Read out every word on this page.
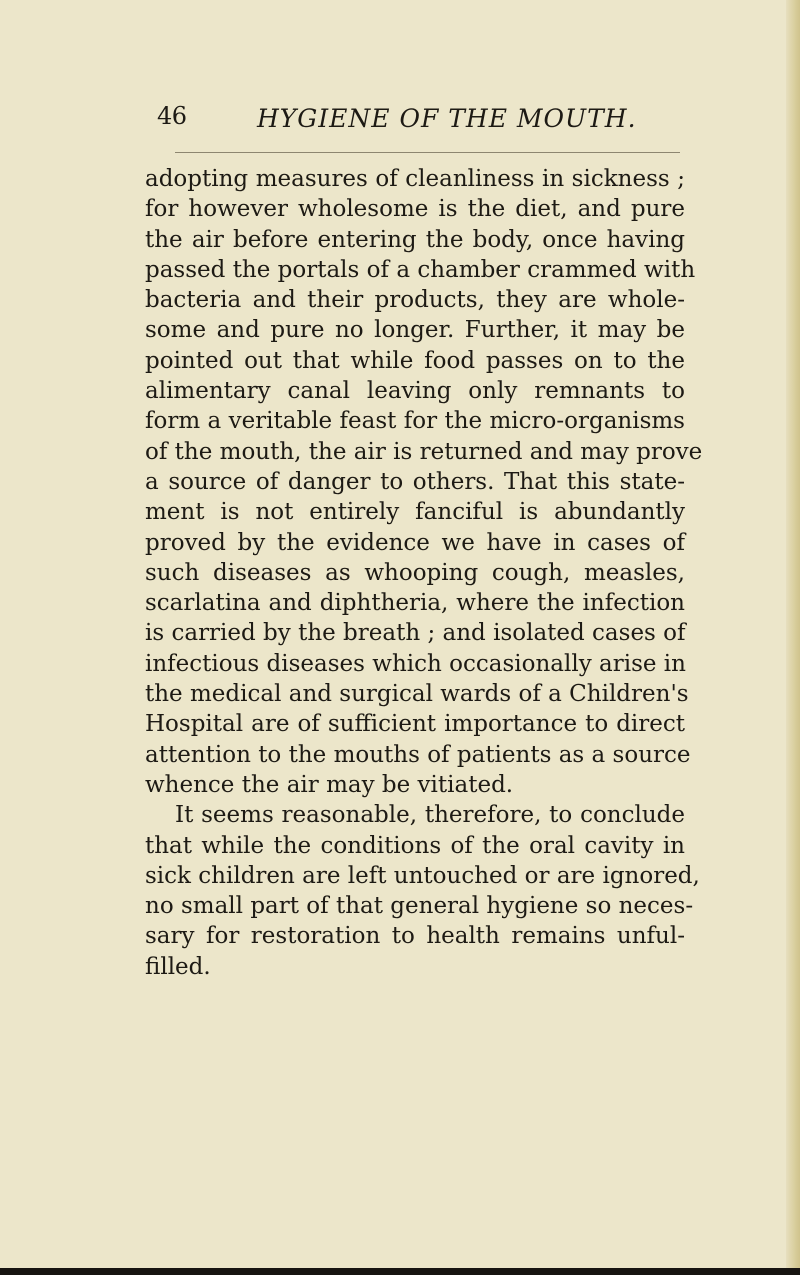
46	HYGIENE OF THE MOUTH.
adopting measures of cleanliness in sickness ;
for however wholesome is the diet, and pure
the air before entering the body, once having
passed the portals of a chamber crammed with
bacteria and their products, they are whole-
some and pure no longer. Further, it may be
pointed out that while food passes on to the
alimentary canal leaving only remnants to
form a veritable feast for the micro-organisms
of the mouth, the air is returned and may prove
a source of danger to others. That this state-
ment is not entirely fanciful is abundantly
proved by the evidence we have in cases of
such diseases as whooping cough, measles,
scarlatina and diphtheria, where the infection
is carried by the breath ; and isolated cases of
infectious diseases which occasionally arise in
the medical and surgical wards of a Children's
Hospital are of sufficient importance to direct
attention to the mouths of patients as a source
whence the air may be vitiated.
It seems reasonable, therefore, to conclude
that while the conditions of the oral cavity in
sick children are left untouched or are ignored,
no small part of that general hygiene so neces-
sary for restoration to health remains unful-
filled.
